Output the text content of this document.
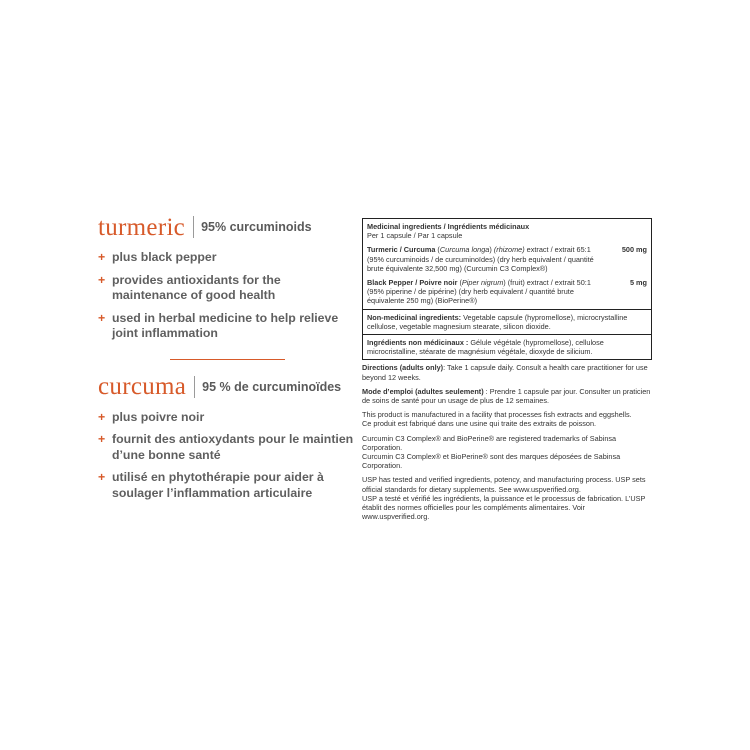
turmeric 95% curcuminoids
+ plus black pepper
+ provides antioxidants for the maintenance of good health
+ used in herbal medicine to help relieve joint inflammation
curcuma 95 % de curcuminoïdes
+ plus poivre noir
+ fournit des antioxydants pour le maintien d’une bonne santé
+ utilisé en phytothérapie pour aider à soulager l’inflammation articulaire
Medicinal ingredients / Ingrédients médicinaux
Per 1 capsule / Par 1 capsule
Turmeric / Curcuma (Curcuma longa) (rhizome) extract / extrait 65:1 (95% curcuminoids / de curcuminoïdes) (dry herb equivalent / quantité brute équivalente 32,500 mg) (Curcumin C3 Complex®)
500 mg
Black Pepper / Poivre noir (Piper nigrum) (fruit) extract / extrait 50:1 (95% piperine / de pipérine) (dry herb equivalent / quantité brute équivalente 250 mg) (BioPerine®)
5 mg
Non-medicinal ingredients: Vegetable capsule (hypromellose), microcrystalline cellulose, vegetable magnesium stearate, silicon dioxide.
Ingrédients non médicinaux : Gélule végétale (hypromellose), cellulose microcristalline, stéarate de magnésium végétale, dioxyde de silicium.

Directions (adults only): Take 1 capsule daily. Consult a health care practitioner for use beyond 12 weeks.

Mode d’emploi (adultes seulement) : Prendre 1 capsule par jour. Consulter un praticien de soins de santé pour un usage de plus de 12 semaines.

This product is manufactured in a facility that processes fish extracts and eggshells.
Ce produit est fabriqué dans une usine qui traite des extraits de poisson.

Curcumin C3 Complex® and BioPerine® are registered trademarks of Sabinsa Corporation.
Curcumin C3 Complex® et BioPerine® sont des marques déposées de Sabinsa Corporation.

USP has tested and verified ingredients, potency, and manufacturing process. USP sets official standards for dietary supplements. See www.uspverified.org.
USP a testé et vérifié les ingrédients, la puissance et le processus de fabrication. L’USP établit des normes officielles pour les compléments alimentaires. Voir www.uspverified.org.
